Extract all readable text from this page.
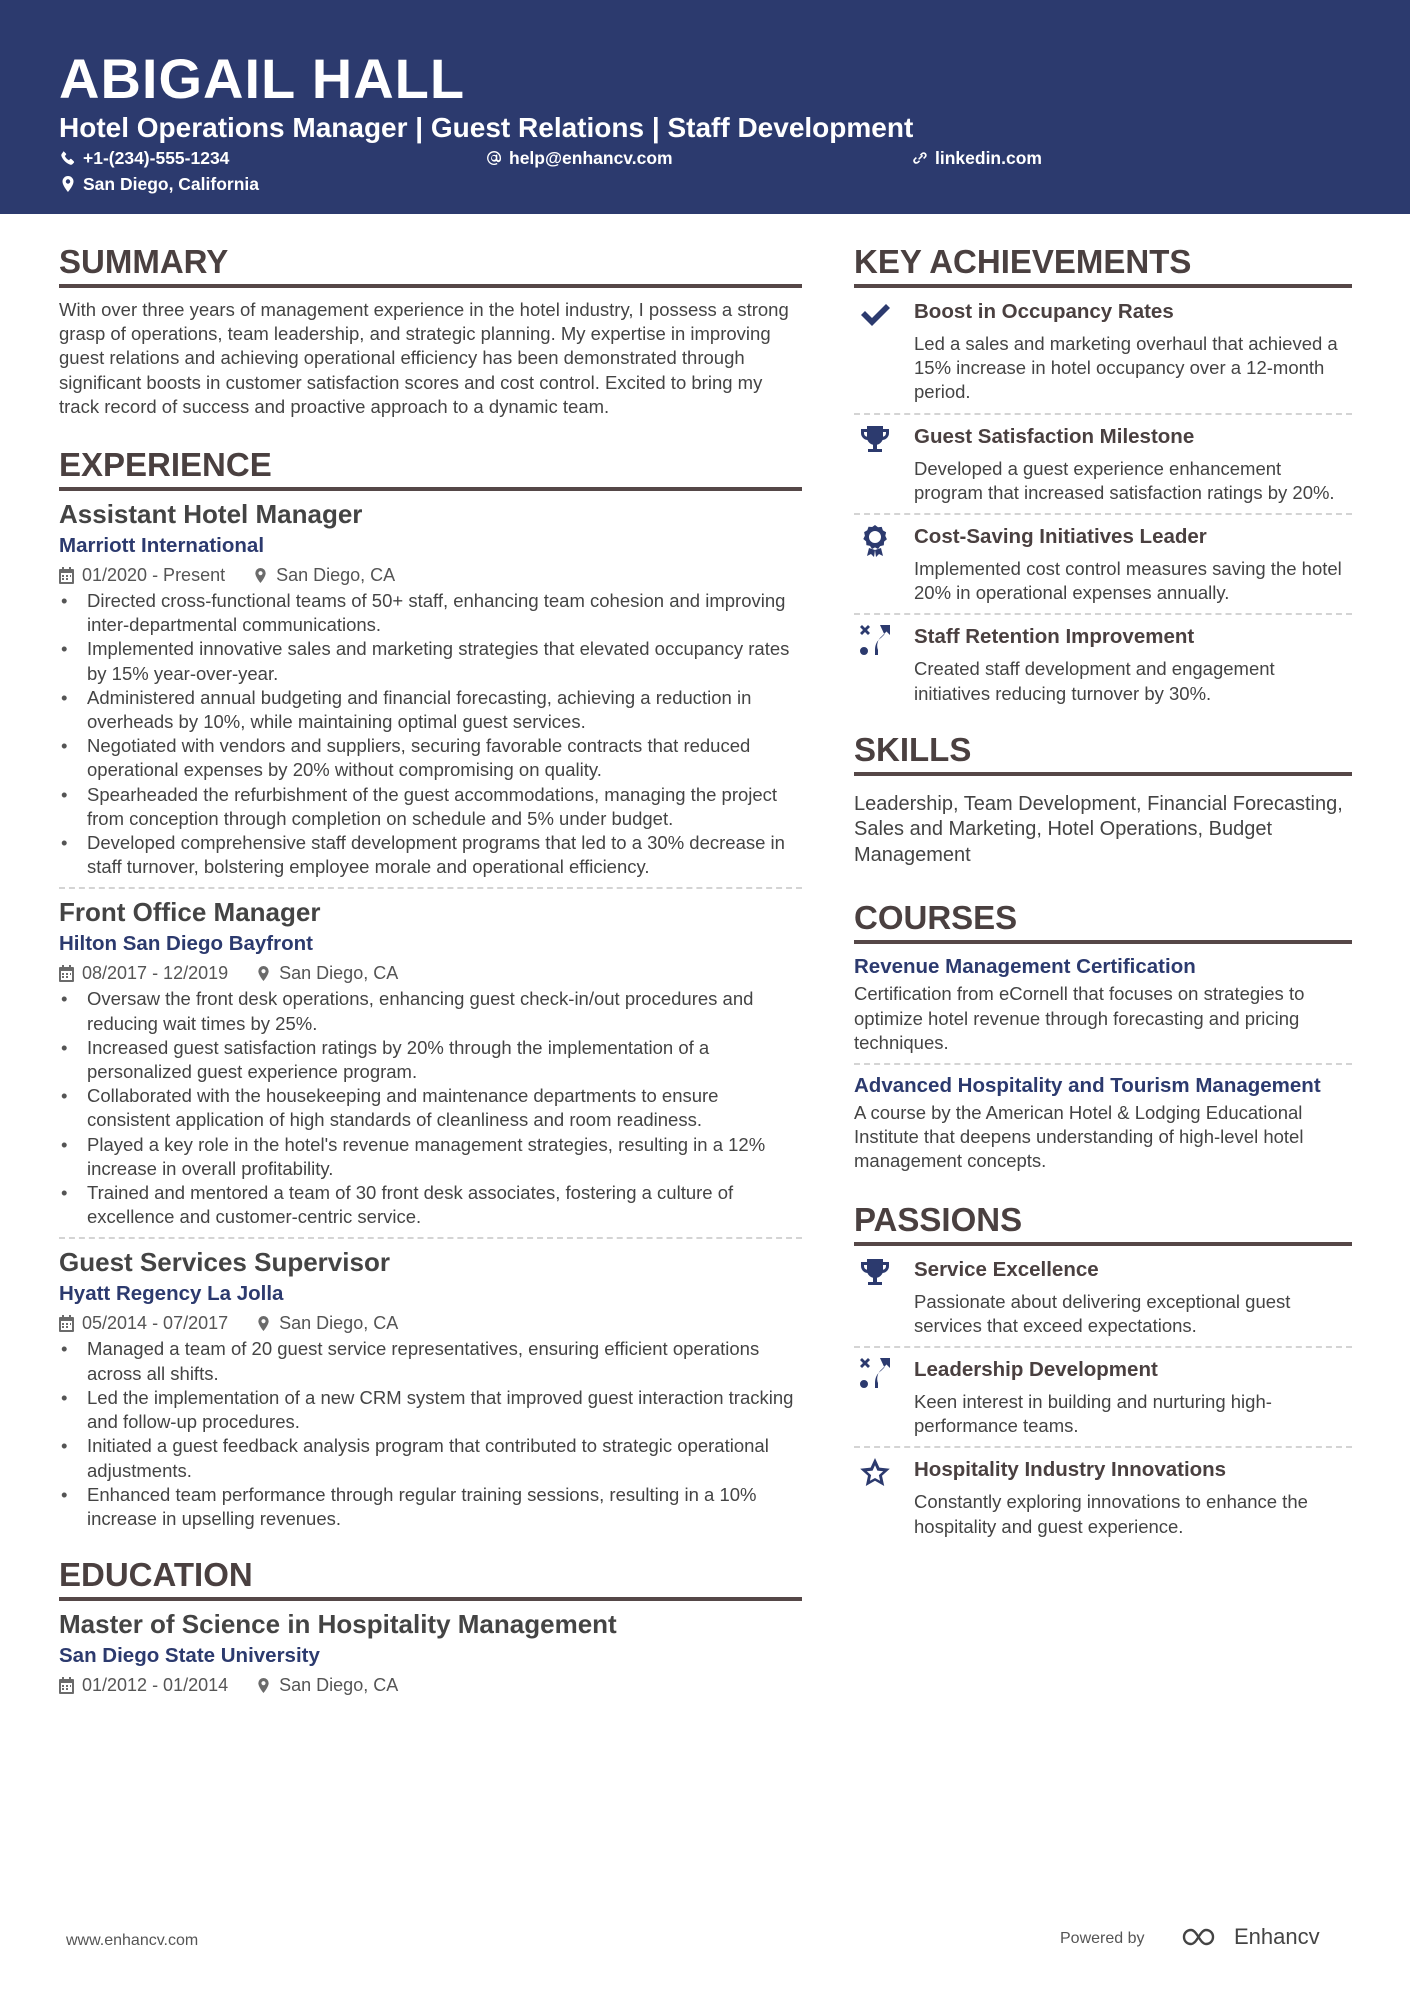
ABIGAIL HALL
Hotel Operations Manager | Guest Relations | Staff Development
+1-(234)-555-1234	help@enhancv.com	linkedin.com
San Diego, California
SUMMARY

With over three years of management experience in the hotel industry, I possess a strong grasp of operations, team leadership, and strategic planning. My expertise in improving guest relations and achieving operational efficiency has been demonstrated through significant boosts in customer satisfaction scores and cost control. Excited to bring my track record of success and proactive approach to a dynamic team.

EXPERIENCE
Assistant Hotel Manager
Marriott International
01/2020 - Present	San Diego, CA
• Directed cross-functional teams of 50+ staff, enhancing team cohesion and improving inter-departmental communications.
• Implemented innovative sales and marketing strategies that elevated occupancy rates by 15% year-over-year.
• Administered annual budgeting and financial forecasting, achieving a reduction in overheads by 10%, while maintaining optimal guest services.
• Negotiated with vendors and suppliers, securing favorable contracts that reduced operational expenses by 20% without compromising on quality.
• Spearheaded the refurbishment of the guest accommodations, managing the project from conception through completion on schedule and 5% under budget.
• Developed comprehensive staff development programs that led to a 30% decrease in staff turnover, bolstering employee morale and operational efficiency.
Front Office Manager
Hilton San Diego Bayfront
08/2017 - 12/2019	San Diego, CA
• Oversaw the front desk operations, enhancing guest check-in/out procedures and reducing wait times by 25%.
• Increased guest satisfaction ratings by 20% through the implementation of a personalized guest experience program.
• Collaborated with the housekeeping and maintenance departments to ensure consistent application of high standards of cleanliness and room readiness.
• Played a key role in the hotel's revenue management strategies, resulting in a 12% increase in overall profitability.
• Trained and mentored a team of 30 front desk associates, fostering a culture of excellence and customer-centric service.
Guest Services Supervisor
Hyatt Regency La Jolla
05/2014 - 07/2017	San Diego, CA
• Managed a team of 20 guest service representatives, ensuring efficient operations across all shifts.
• Led the implementation of a new CRM system that improved guest interaction tracking and follow-up procedures.
• Initiated a guest feedback analysis program that contributed to strategic operational adjustments.
• Enhanced team performance through regular training sessions, resulting in a 10% increase in upselling revenues.
EDUCATION
Master of Science in Hospitality Management
San Diego State University
01/2012 - 01/2014	San Diego, CA
KEY ACHIEVEMENTS
Boost in Occupancy Rates

Led a sales and marketing overhaul that achieved a 15% increase in hotel occupancy over a 12-month period.

Guest Satisfaction Milestone

Developed a guest experience enhancement program that increased satisfaction ratings by 20%.

Cost-Saving Initiatives Leader

Implemented cost control measures saving the hotel 20% in operational expenses annually.

Staff Retention Improvement

Created staff development and engagement initiatives reducing turnover by 30%.

SKILLS

Leadership, Team Development, Financial Forecasting, Sales and Marketing, Hotel Operations, Budget Management

COURSES
Revenue Management Certification

Certification from eCornell that focuses on strategies to optimize hotel revenue through forecasting and pricing techniques.

Advanced Hospitality and Tourism Management

A course by the American Hotel & Lodging Educational Institute that deepens understanding of high-level hotel management concepts.

PASSIONS
Service Excellence

Passionate about delivering exceptional guest services that exceed expectations.

Leadership Development

Keen interest in building and nurturing high-performance teams.

Hospitality Industry Innovations

Constantly exploring innovations to enhance the hospitality and guest experience.

www.enhancv.com	Powered by	Enhancv
